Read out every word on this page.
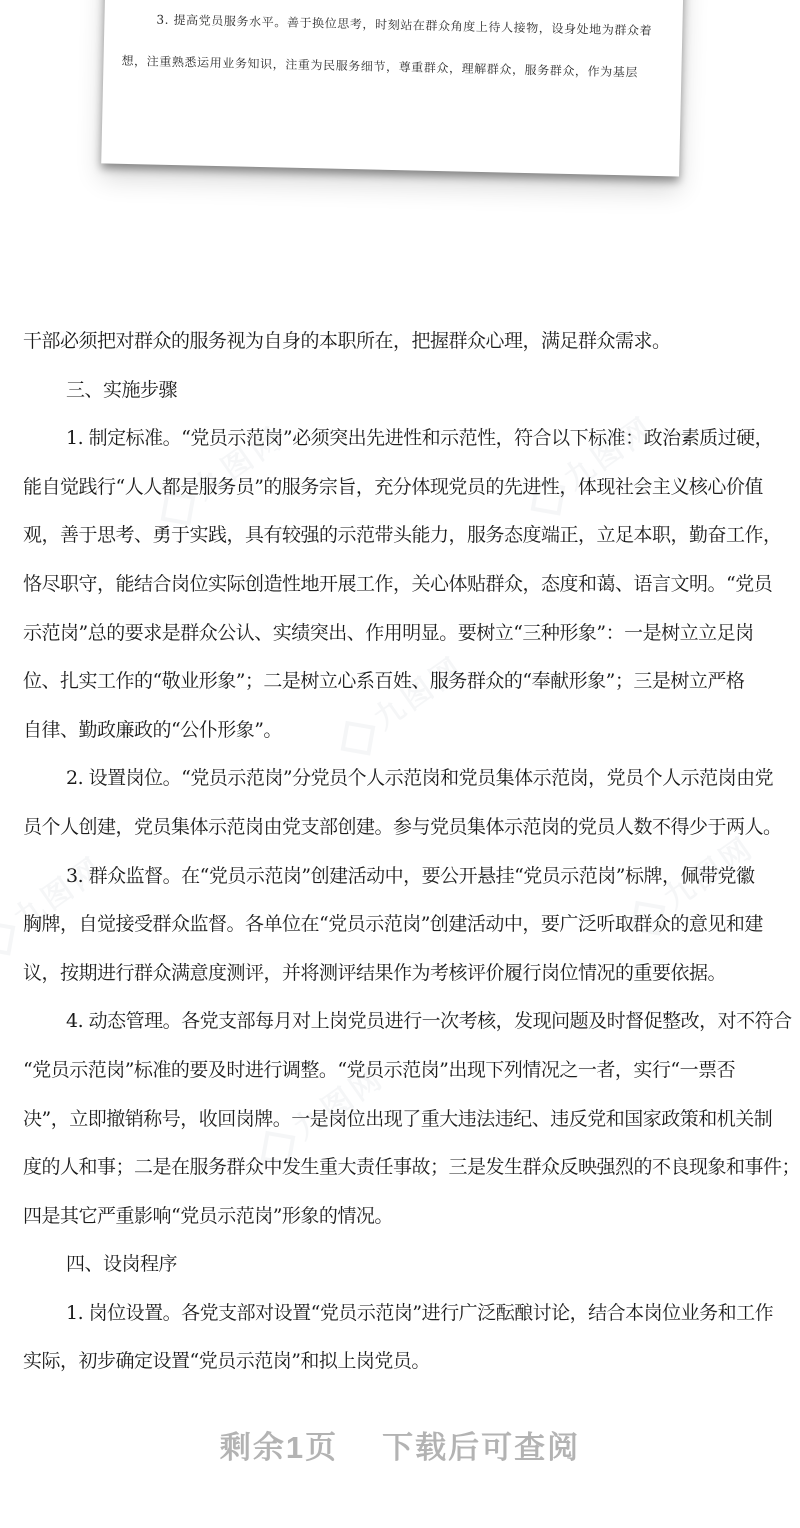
九图网	九图网
九图网
九图网	九图网
九图网
3. 提高党员服务水平。善于换位思考，时刻站在群众角度上待人接物，设身处地为群众着
想，注重熟悉运用业务知识，注重为民服务细节，尊重群众，理解群众，服务群众，作为基层
干部必须把对群众的服务视为自身的本职所在，把握群众心理，满足群众需求。
三、实施步骤
1. 制定标准。“党员示范岗”必须突出先进性和示范性，符合以下标准：政治素质过硬，
能自觉践行“人人都是服务员”的服务宗旨，充分体现党员的先进性，体现社会主义核心价值
观，善于思考、勇于实践，具有较强的示范带头能力，服务态度端正，立足本职，勤奋工作，
恪尽职守，能结合岗位实际创造性地开展工作，关心体贴群众，态度和蔼、语言文明。“党员
示范岗”总的要求是群众公认、实绩突出、作用明显。要树立“三种形象”：一是树立立足岗
位、扎实工作的“敬业形象”；二是树立心系百姓、服务群众的“奉献形象”；三是树立严格
自律、勤政廉政的“公仆形象”。
2. 设置岗位。“党员示范岗”分党员个人示范岗和党员集体示范岗，党员个人示范岗由党
员个人创建，党员集体示范岗由党支部创建。参与党员集体示范岗的党员人数不得少于两人。
3. 群众监督。在“党员示范岗”创建活动中，要公开悬挂“党员示范岗”标牌，佩带党徽
胸牌，自觉接受群众监督。各单位在“党员示范岗”创建活动中，要广泛听取群众的意见和建
议，按期进行群众满意度测评，并将测评结果作为考核评价履行岗位情况的重要依据。
4. 动态管理。各党支部每月对上岗党员进行一次考核，发现问题及时督促整改，对不符合
“党员示范岗”标准的要及时进行调整。“党员示范岗”出现下列情况之一者，实行“一票否
决”，立即撤销称号，收回岗牌。一是岗位出现了重大违法违纪、违反党和国家政策和机关制
度的人和事；二是在服务群众中发生重大责任事故；三是发生群众反映强烈的不良现象和事件；
四是其它严重影响“党员示范岗”形象的情况。
四、设岗程序
1. 岗位设置。各党支部对设置“党员示范岗”进行广泛酝酿讨论，结合本岗位业务和工作
实际，初步确定设置“党员示范岗”和拟上岗党员。
剩余1页 下载后可查阅
